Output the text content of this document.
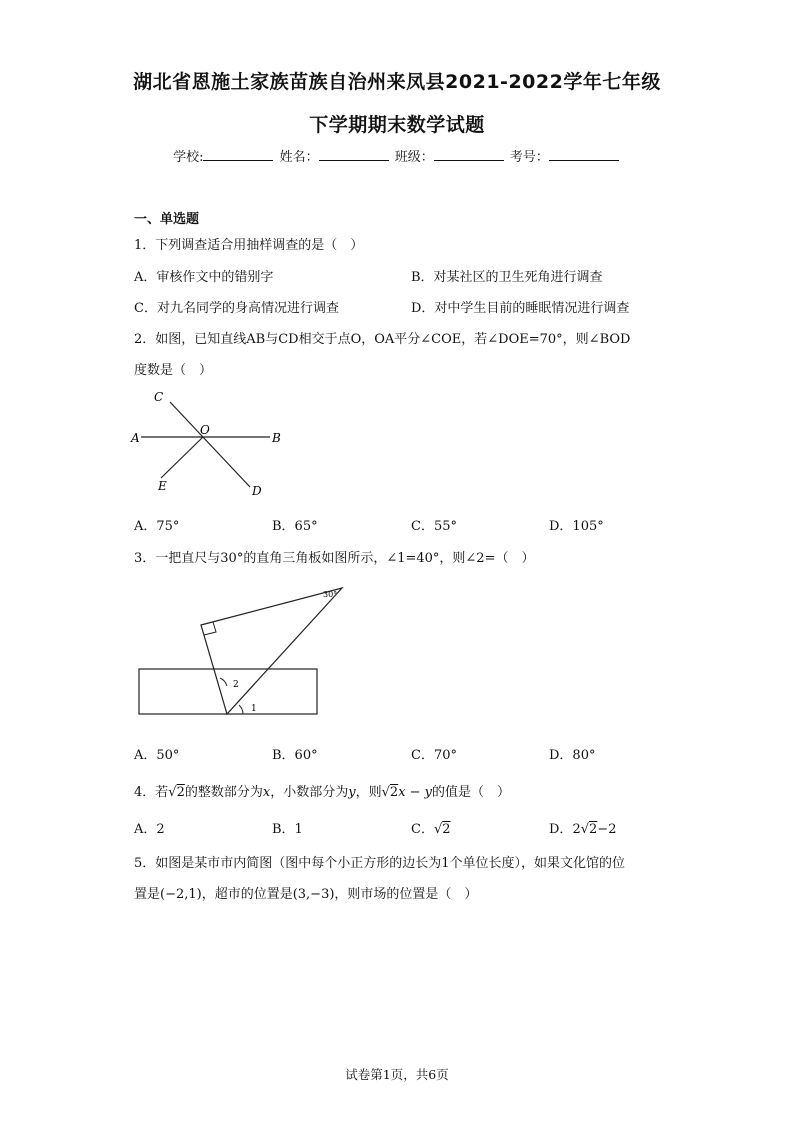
湖北省恩施土家族苗族自治州来凤县2021-2022学年七年级
下学期期末数学试题
学校:	姓名：	班级：	考号：
一、单选题
1．下列调查适合用抽样调查的是（　）
A．审核作文中的错别字	B．对某社区的卫生死角进行调查
C．对九名同学的身高情况进行调查	D．对中学生目前的睡眠情况进行调查
2．如图，已知直线AB与CD相交于点O，OA平分∠COE，若∠DOE=70°，则∠BOD
度数是（　）
C
O
A	B
E	D
A．75°	B．65°	C．55°	D．105°
3．一把直尺与30°的直角三角板如图所示，∠1=40°，则∠2=（　）
30°
2
1
A．50°	B．60°	C．70°	D．80°
4．若√2的整数部分为x，小数部分为y，则√2x − y的值是（　）
A．2	B．1	C．√2	D．2√2−2
5．如图是某市市内简图（图中每个小正方形的边长为1个单位长度），如果文化馆的位
置是(−2,1)，超市的位置是(3,−3)，则市场的位置是（　）
试卷第1页，共6页
